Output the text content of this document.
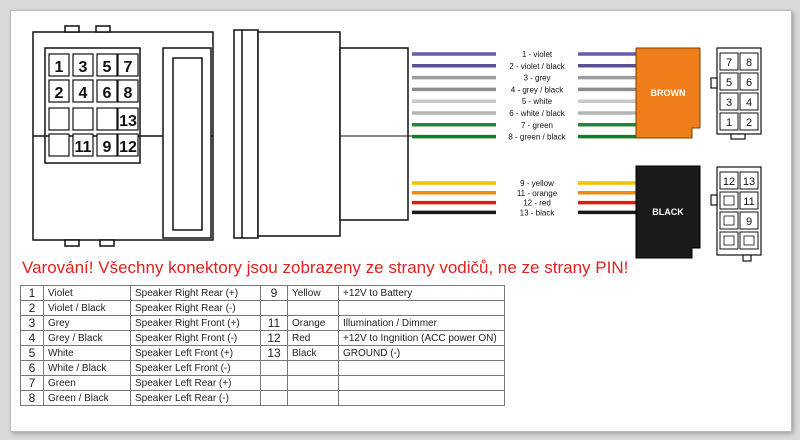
1 3 5 7
2 4 6 8
13
11 9 12
1 - violet
2 - violet / black
3 - grey
4 - grey / black
5 - white
6 - white / black
7 - green
8 - green / black
9 - yellow
11 - orange
12 - red
13 - black
BROWN
BLACK
7 8
5 6
3 4
1 2
12 13
11
9
Varování! Všechny konektory jsou zobrazeny ze strany vodičů, ne ze strany PIN!
1	Violet	Speaker Right Rear (+)	9	Yellow	+12V to Battery
2	Violet / Black	Speaker Right Rear (-)			
3	Grey	Speaker Right Front (+)	11	Orange	Illumination / Dimmer
4	Grey / Black	Speaker Right Front (-)	12	Red	+12V to Ingnition (ACC power ON)
5	White	Speaker Left Front (+)	13	Black	GROUND (-)
6	White / Black	Speaker Left Front (-)			
7	Green	Speaker Left Rear (+)			
8	Green / Black	Speaker Left Rear (-)			
